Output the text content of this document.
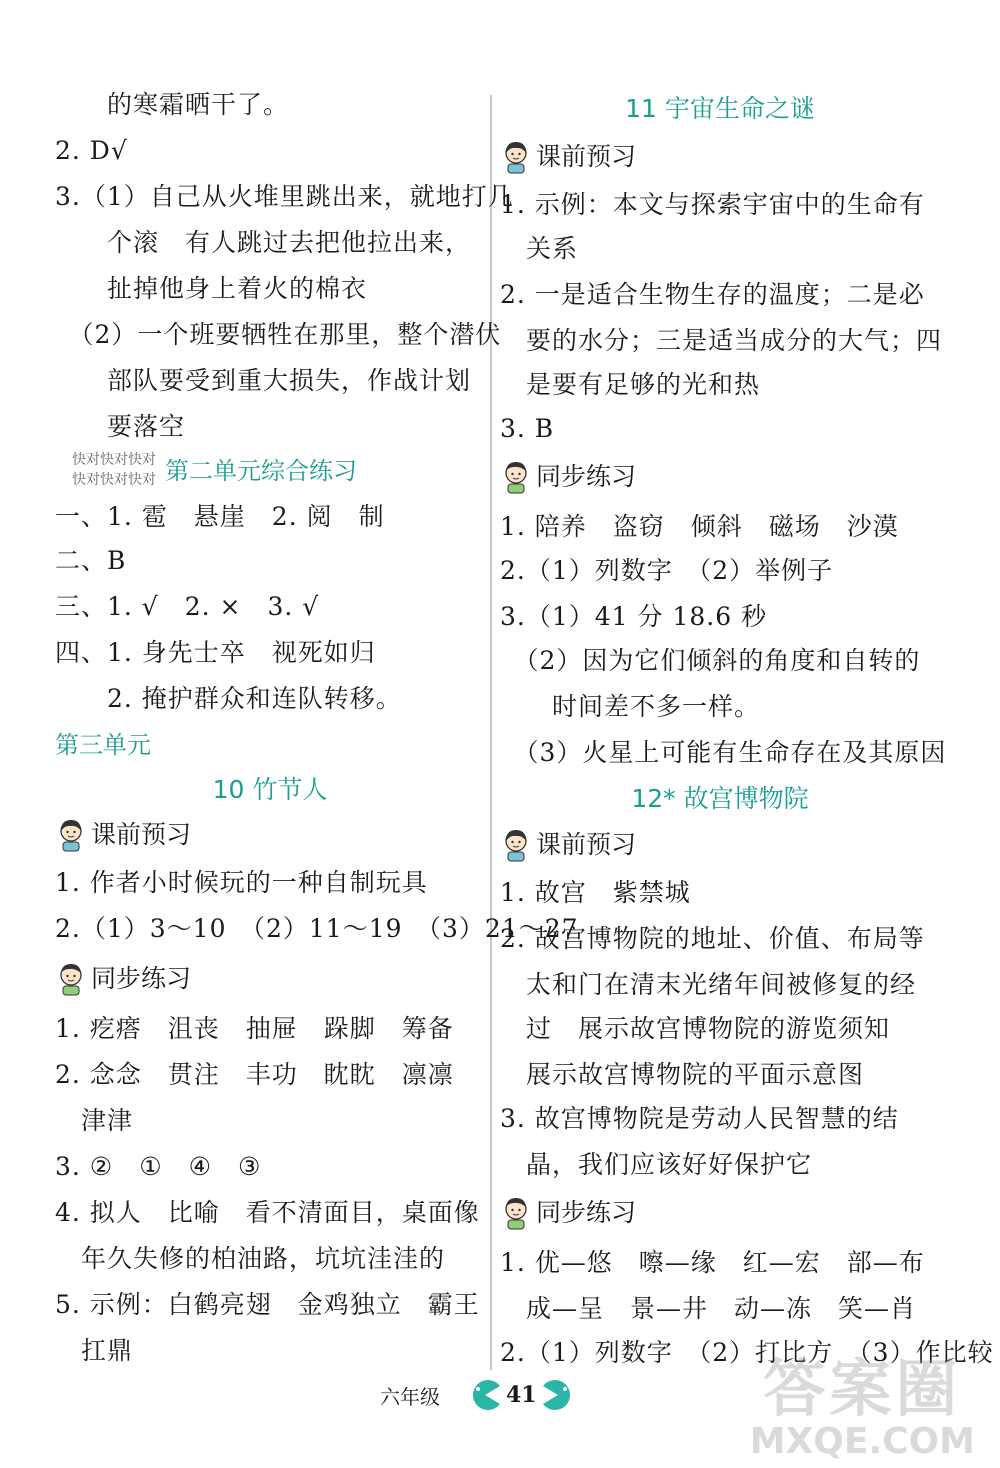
　　的寒霜晒干了。
2. D√
3.（1）自己从火堆里跳出来，就地打几
　　个滚　有人跳过去把他拉出来，
　　扯掉他身上着火的棉衣
　（2）一个班要牺牲在那里，整个潜伏
　　部队要受到重大损失，作战计划
　　要落空
快对快对快对
快对快对快对 第二单元综合练习
一、1. 雹　悬崖　2. 阅　制
二、B
三、1. √　2. ×　3. √
四、1. 身先士卒　视死如归
　　2. 掩护群众和连队转移。
第三单元
10 竹节人
课前预习
1. 作者小时候玩的一种自制玩具
2.（1）3～10　（2）11～19　（3）21～27
同步练习
1. 疙瘩　沮丧　抽屉　跺脚　筹备
2. 念念　贯注　丰功　眈眈　凛凛
　津津
3. ②　①　④　③
4. 拟人　比喻　看不清面目，桌面像
　年久失修的柏油路，坑坑洼洼的
5. 示例：白鹤亮翅　金鸡独立　霸王
　扛鼎
11 宇宙生命之谜
课前预习
1. 示例：本文与探索宇宙中的生命有
　关系
2. 一是适合生物生存的温度；二是必
　要的水分；三是适当成分的大气；四
　是要有足够的光和热
3. B
同步练习
1. 陪养　盗窃　倾斜　磁场　沙漠
2.（1）列数字　（2）举例子
3.（1）41 分 18.6 秒
　（2）因为它们倾斜的角度和自转的
　　时间差不多一样。
　（3）火星上可能有生命存在及其原因
12* 故宫博物院
课前预习
1. 故宫　紫禁城
2. 故宫博物院的地址、价值、布局等
　太和门在清末光绪年间被修复的经
　过　展示故宫博物院的游览须知
　展示故宫博物院的平面示意图
3. 故宫博物院是劳动人民智慧的结
　晶，我们应该好好保护它
同步练习
1. 优—悠　嚓—缘　红—宏　部—布
　成—呈　景—井　动—冻　笑—肖
2.（1）列数字　（2）打比方　（3）作比较
六年级	41	答案圈
MXQE.COM
